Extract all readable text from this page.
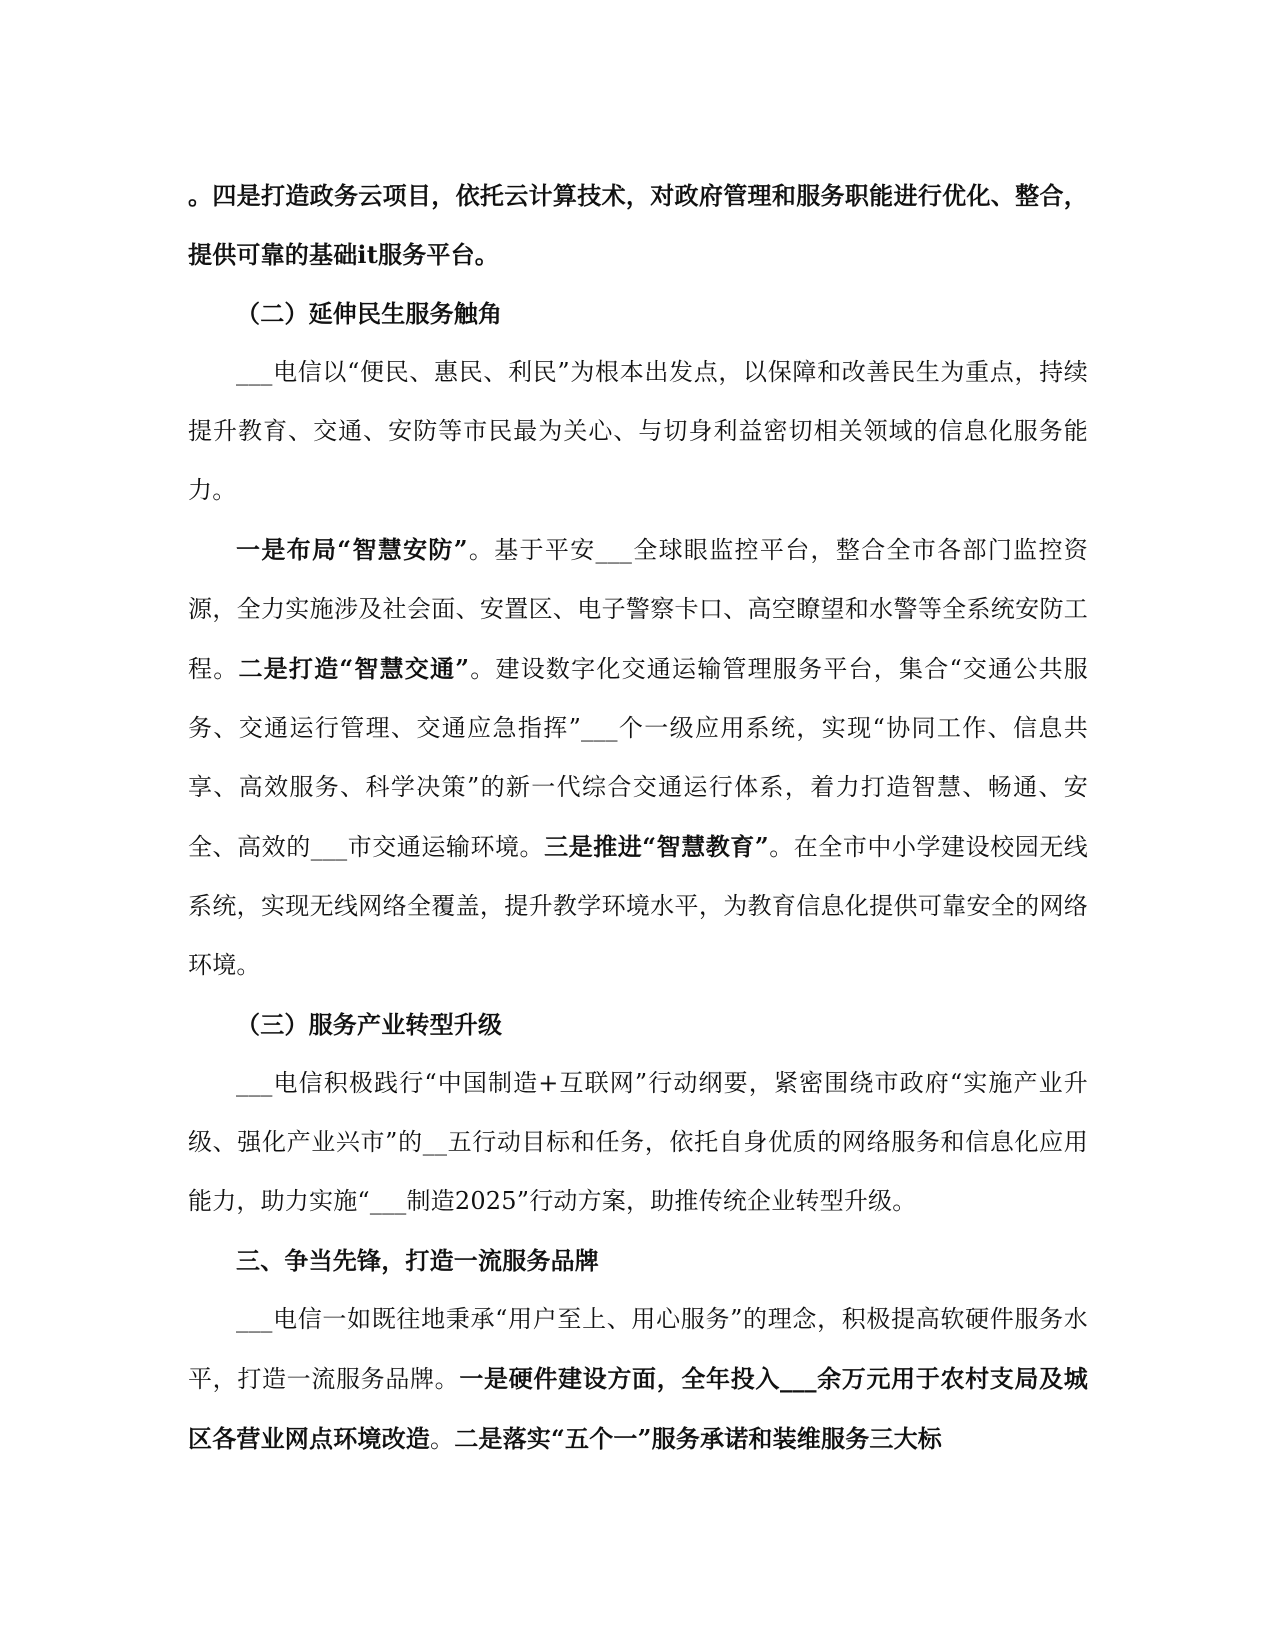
。四是打造政务云项目，依托云计算技术，对政府管理和服务职能进行优化、整合，提供可靠的基础it服务平台。

（二）延伸民生服务触角

___电信以“便民、惠民、利民”为根本出发点，以保障和改善民生为重点，持续提升教育、交通、安防等市民最为关心、与切身利益密切相关领域的信息化服务能力。

一是布局“智慧安防”。基于平安___全球眼监控平台，整合全市各部门监控资源，全力实施涉及社会面、安置区、电子警察卡口、高空瞭望和水警等全系统安防工程。二是打造“智慧交通”。建设数字化交通运输管理服务平台，集合“交通公共服务、交通运行管理、交通应急指挥”___个一级应用系统，实现“协同工作、信息共享、高效服务、科学决策”的新一代综合交通运行体系，着力打造智慧、畅通、安全、高效的___市交通运输环境。三是推进“智慧教育”。在全市中小学建设校园无线系统，实现无线网络全覆盖，提升教学环境水平，为教育信息化提供可靠安全的网络环境。

（三）服务产业转型升级

___电信积极践行“中国制造+互联网”行动纲要，紧密围绕市政府“实施产业升级、强化产业兴市”的__五行动目标和任务，依托自身优质的网络服务和信息化应用能力，助力实施“___制造2025”行动方案，助推传统企业转型升级。

三、争当先锋，打造一流服务品牌

___电信一如既往地秉承“用户至上、用心服务”的理念，积极提高软硬件服务水平，打造一流服务品牌。一是硬件建设方面，全年投入___余万元用于农村支局及城区各营业网点环境改造。二是落实“五个一”服务承诺和装维服务三大标
